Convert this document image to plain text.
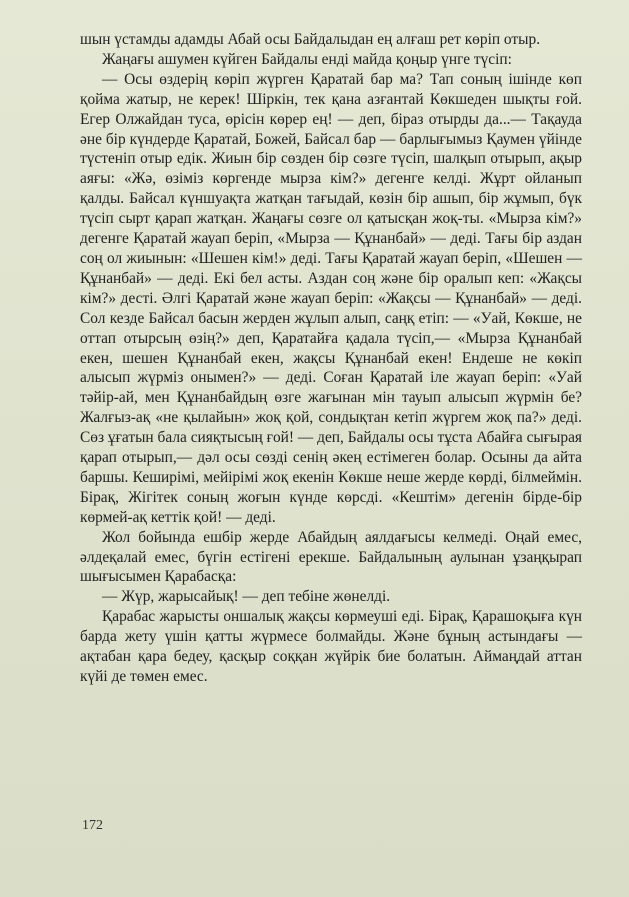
шын үстамды адамды Абай осы Байдалыдан ең алғаш рет көріп отыр.

Жаңағы ашумен күйген Байдалы енді майда қоңыр үнге түсіп:

— Осы өздерің көріп жүрген Қаратай бар ма? Тап соның ішінде көп қойма жатыр, не керек! Шіркін, тек қана азғантай Көкшеден шықты ғой. Егер Олжайдан туса, өрісін көрер ең! — деп, біраз отырды да...— Тақауда әне бір күндерде Қаратай, Божей, Байсал бар — барлығымыз Қаумен үйінде түстеніп отыр едік. Жиын бір сөзден бір сөзге түсіп, шалқып отырып, ақыр аяғы: «Жә, өзіміз көргенде мырза кім?» дегенге келді. Жұрт ойланып қалды. Байсал күншуақта жатқан тағыдай, көзін бір ашып, бір жұмып, бүк түсіп сырт қарап жатқан. Жаңағы сөзге ол қатысқан жоқ-ты. «Мырза кім?» дегенге Қаратай жауап беріп, «Мырза — Құнанбай» — деді. Тағы бір аздан соң ол жиынын: «Шешен кім!» деді. Тағы Қаратай жауап беріп, «Шешен — Құнанбай» — деді. Екі бел асты. Аздан соң және бір оралып кеп: «Жақсы кім?» десті. Әлгі Қаратай және жауап беріп: «Жақсы — Құнанбай» — деді. Сол кезде Байсал басын жерден жұлып алып, саңқ етіп: — «Уай, Көкше, не оттап отырсың өзің?» деп, Қаратайға қадала түсіп,— «Мырза Құнанбай екен, шешен Құнанбай екен, жақсы Құнанбай екен! Ендеше не көкіп алысып жүрміз онымен?» — деді. Соған Қаратай іле жауап беріп: «Уай тәйір-ай, мен Құнанбайдың өзге жағынан мін тауып алысып жүрмін бе? Жалғыз-ақ «не қылайын» жоқ қой, сондықтан кетіп жүргем жоқ па?» деді. Сөз ұғатын бала сияқтысың ғой! — деп, Байдалы осы тұста Абайға сығырая қарап отырып,— дәл осы сөзді сенің әкең естімеген болар. Осыны да айта баршы. Кеширімі, мейірімі жоқ екенін Көкше неше жерде көрді, білмеймін. Бірақ, Жігітек соның жоғын күнде көрсді. «Кештім» дегенін бірде-бір көрмей-ақ кеттік қой! — деді.

Жол бойында ешбір жерде Абайдың аялдағысы келмеді. Оңай емес, әлдеқалай емес, бүгін естігені ерекше. Байдалының аулынан ұзаңқырап шығысымен Қарабасқа:

— Жүр, жарысайық! — деп тебіне жөнелді.

Қарабас жарысты оншалық жақсы көрмеуші еді. Бірақ, Қарашоқыға күн барда жету үшін қатты жүрмесе болмайды. Және бұның астындағы — ақтабан қара бедеу, қасқыр соққан жүйрік бие болатын. Аймаңдай аттан күйі де төмен емес.

172
